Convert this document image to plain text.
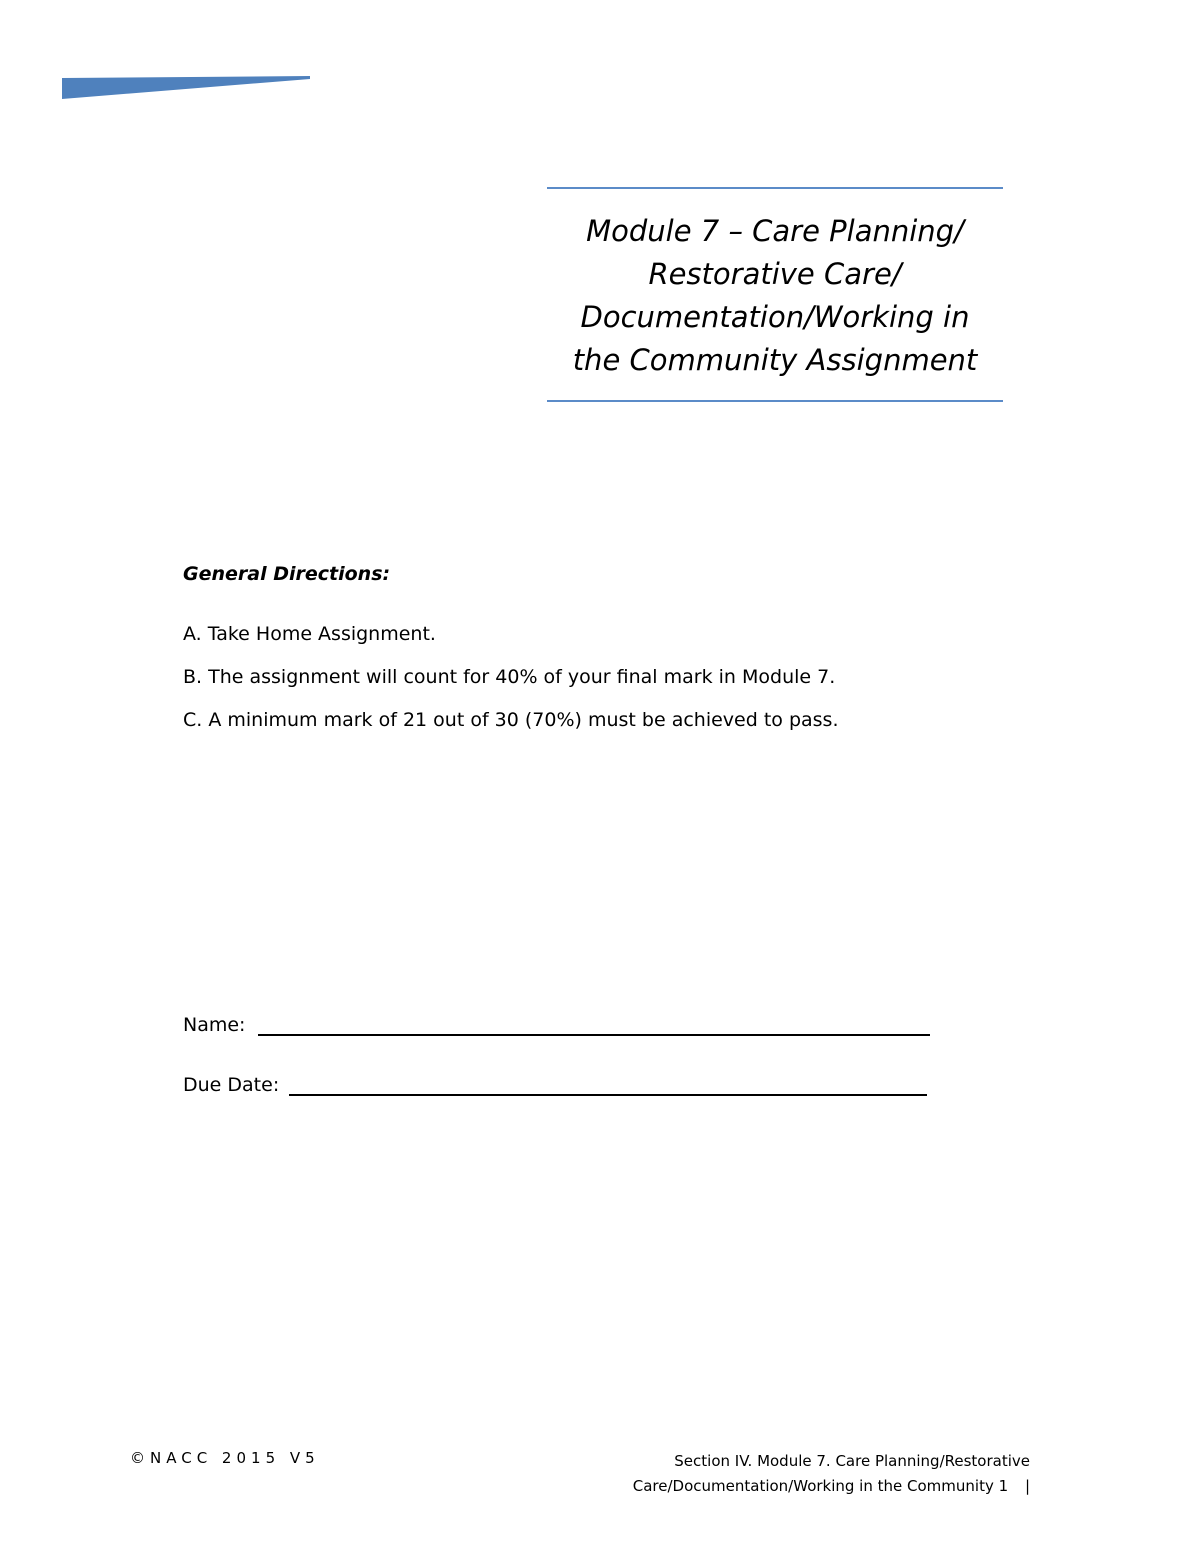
Module 7 – Care Planning/
Restorative Care/
Documentation/Working in
the Community Assignment
General Directions:
A. Take Home Assignment.
B. The assignment will count for 40% of your final mark in Module 7.
C. A minimum mark of 21 out of 30 (70%) must be achieved to pass.
Name:
Due Date:
©NACC 2015 V5	Section IV. Module 7. Care Planning/Restorative
Care/Documentation/Working in the Community 1 |
